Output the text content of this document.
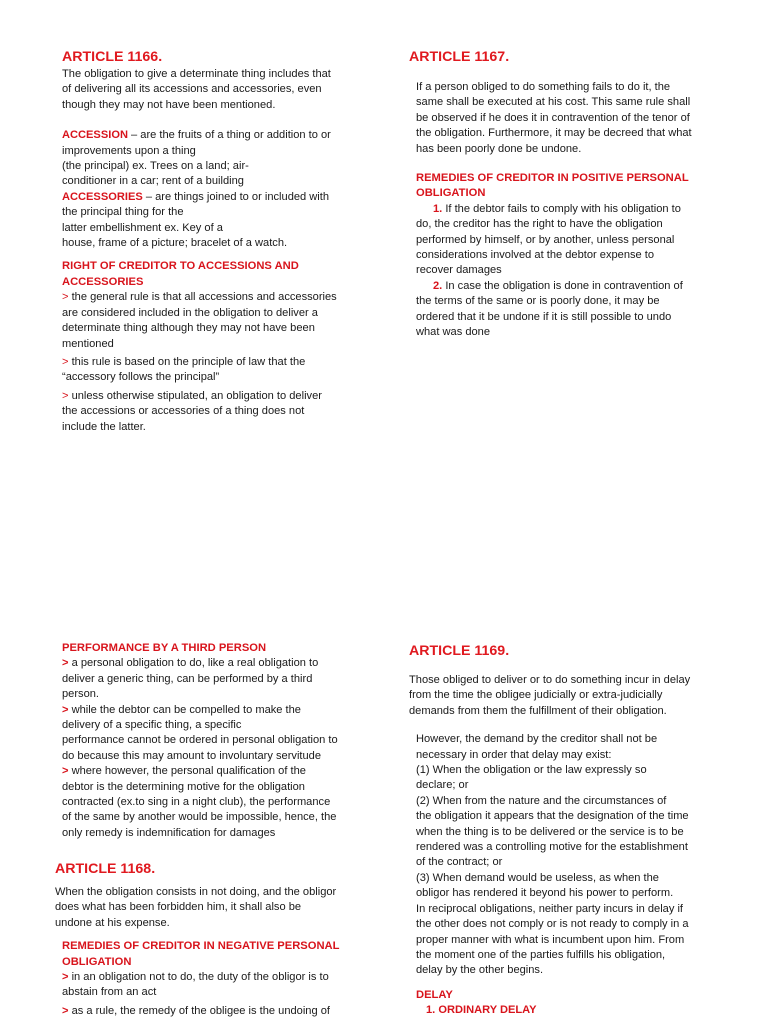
ARTICLE 1166.

The obligation to give a determinate thing includes that
of delivering all its accessions and accessories, even
though they may not have been mentioned.

ACCESSION – are the fruits of a thing or addition to or
improvements upon a thing
(the principal) ex. Trees on a land; air-
conditioner in a car; rent of a building

ACCESSORIES – are things joined to or included with
the principal thing for the
latter embellishment ex. Key of a
house, frame of a picture; bracelet of a watch.

RIGHT OF CREDITOR TO ACCESSIONS AND
ACCESSORIES

> the general rule is that all accessions and accessories
are considered included in the obligation to deliver a
determinate thing although they may not have been
mentioned

> this rule is based on the principle of law that the
“accessory follows the principal”

> unless otherwise stipulated, an obligation to deliver
the accessions or accessories of a thing does not
include the latter.

ARTICLE 1167.

If a person obliged to do something fails to do it, the
same shall be executed at his cost. This same rule shall
be observed if he does it in contravention of the tenor of
the obligation. Furthermore, it may be decreed that what
has been poorly done be undone.

REMEDIES OF CREDITOR IN POSITIVE PERSONAL
OBLIGATION

1. If the debtor fails to comply with his obligation to
do, the creditor has the right to have the obligation
performed by himself, or by another, unless personal
considerations involved at the debtor expense to
recover damages

2. In case the obligation is done in contravention of
the terms of the same or is poorly done, it may be
ordered that it be undone if it is still possible to undo
what was done

PERFORMANCE BY A THIRD PERSON

> a personal obligation to do, like a real obligation to
deliver a generic thing, can be performed by a third
person.

> while the debtor can be compelled to make the
delivery of a specific thing, a specific
performance cannot be ordered in personal obligation to
do because this may amount to involuntary servitude

> where however, the personal qualification of the
debtor is the determining motive for the obligation
contracted (ex.to sing in a night club), the performance
of the same by another would be impossible, hence, the
only remedy is indemnification for damages

ARTICLE 1168.

When the obligation consists in not doing, and the obligor
does what has been forbidden him, it shall also be
undone at his expense.

REMEDIES OF CREDITOR IN NEGATIVE PERSONAL
OBLIGATION

> in an obligation not to do, the duty of the obligor is to
abstain from an act

> as a rule, the remedy of the obligee is the undoing of

ARTICLE 1169.

Those obliged to deliver or to do something incur in delay
from the time the obligee judicially or extra-judicially
demands from them the fulfillment of their obligation.

However, the demand by the creditor shall not be
necessary in order that delay may exist:
(1) When the obligation or the law expressly so
declare; or
(2) When from the nature and the circumstances of
the obligation it appears that the designation of the time
when the thing is to be delivered or the service is to be
rendered was a controlling motive for the establishment
of the contract; or
(3) When demand would be useless, as when the
obligor has rendered it beyond his power to perform.
In reciprocal obligations, neither party incurs in delay if
the other does not comply or is not ready to comply in a
proper manner with what is incumbent upon him. From
the moment one of the parties fulfills his obligation,
delay by the other begins.

DELAY

1. ORDINARY DELAY
